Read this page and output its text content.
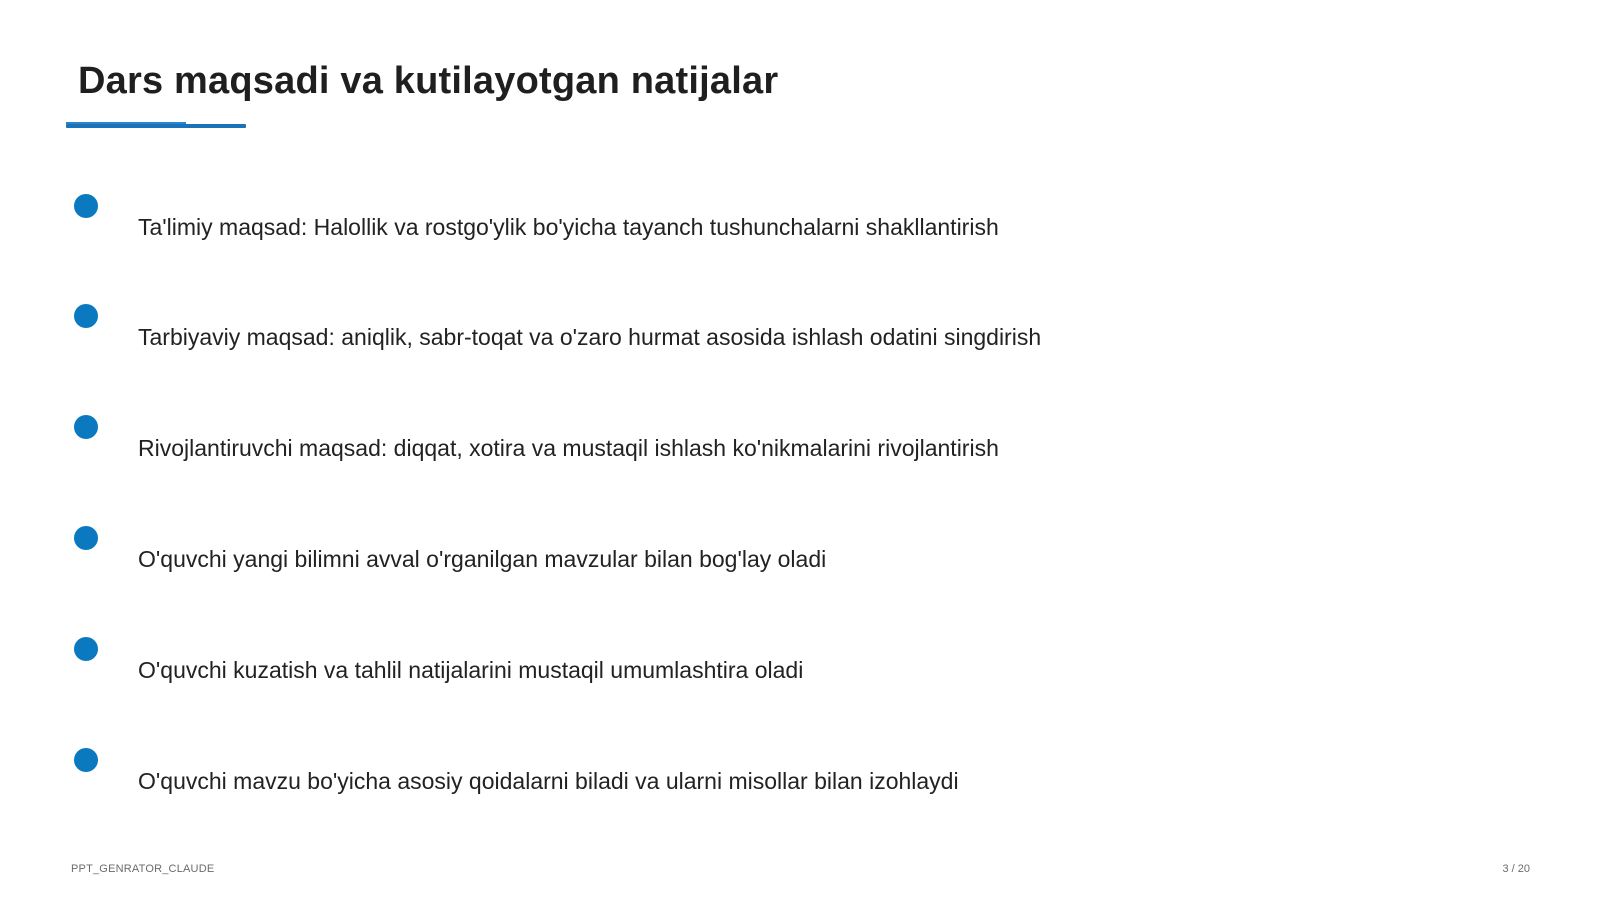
Dars maqsadi va kutilayotgan natijalar
Ta'limiy maqsad: Halollik va rostgo'ylik bo'yicha tayanch tushunchalarni shakllantirish
Tarbiyaviy maqsad: aniqlik, sabr-toqat va o'zaro hurmat asosida ishlash odatini singdirish
Rivojlantiruvchi maqsad: diqqat, xotira va mustaqil ishlash ko'nikmalarini rivojlantirish
O'quvchi yangi bilimni avval o'rganilgan mavzular bilan bog'lay oladi
O'quvchi kuzatish va tahlil natijalarini mustaqil umumlashtira oladi
O'quvchi mavzu bo'yicha asosiy qoidalarni biladi va ularni misollar bilan izohlaydi
PPT_GENRATOR_CLAUDE	3 / 20
